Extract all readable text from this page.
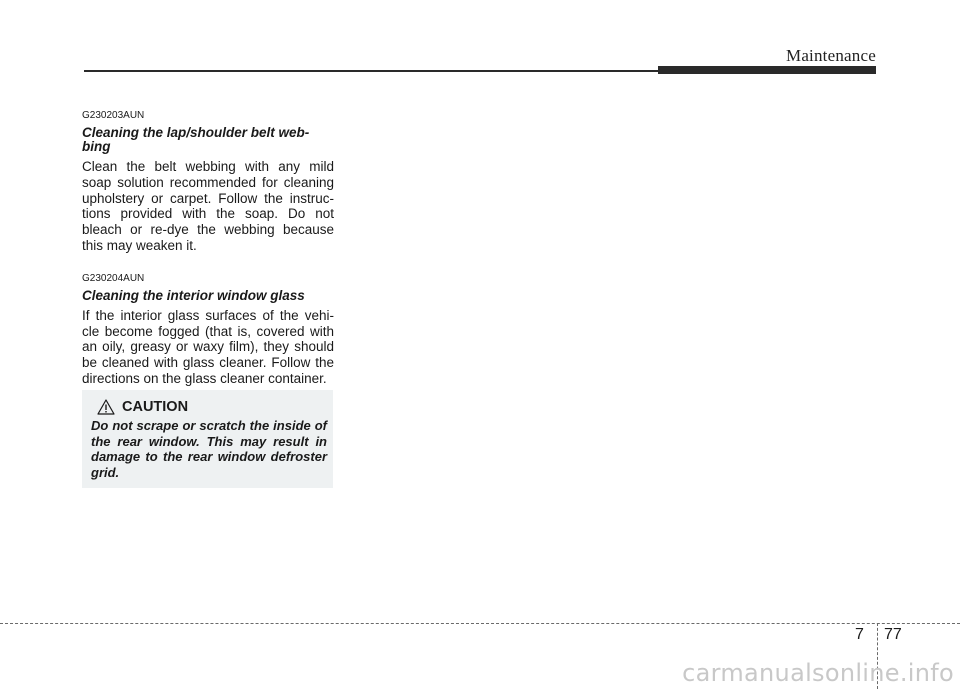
Maintenance

G230203AUN

Cleaning the lap/shoulder belt web-bing

Clean the belt webbing with any mild soap solution recommended for cleaning upholstery or carpet. Follow the instruc-tions provided with the soap. Do not bleach or re-dye the webbing because this may weaken it.

G230204AUN

Cleaning the interior window glass

If the interior glass surfaces of the vehi-cle become fogged (that is, covered with an oily, greasy or waxy film), they should be cleaned with glass cleaner. Follow the directions on the glass cleaner container.

CAUTION

Do not scrape or scratch the inside of the rear window. This may result in damage to the rear window defroster grid.

7 77
carmanualsonline.info
